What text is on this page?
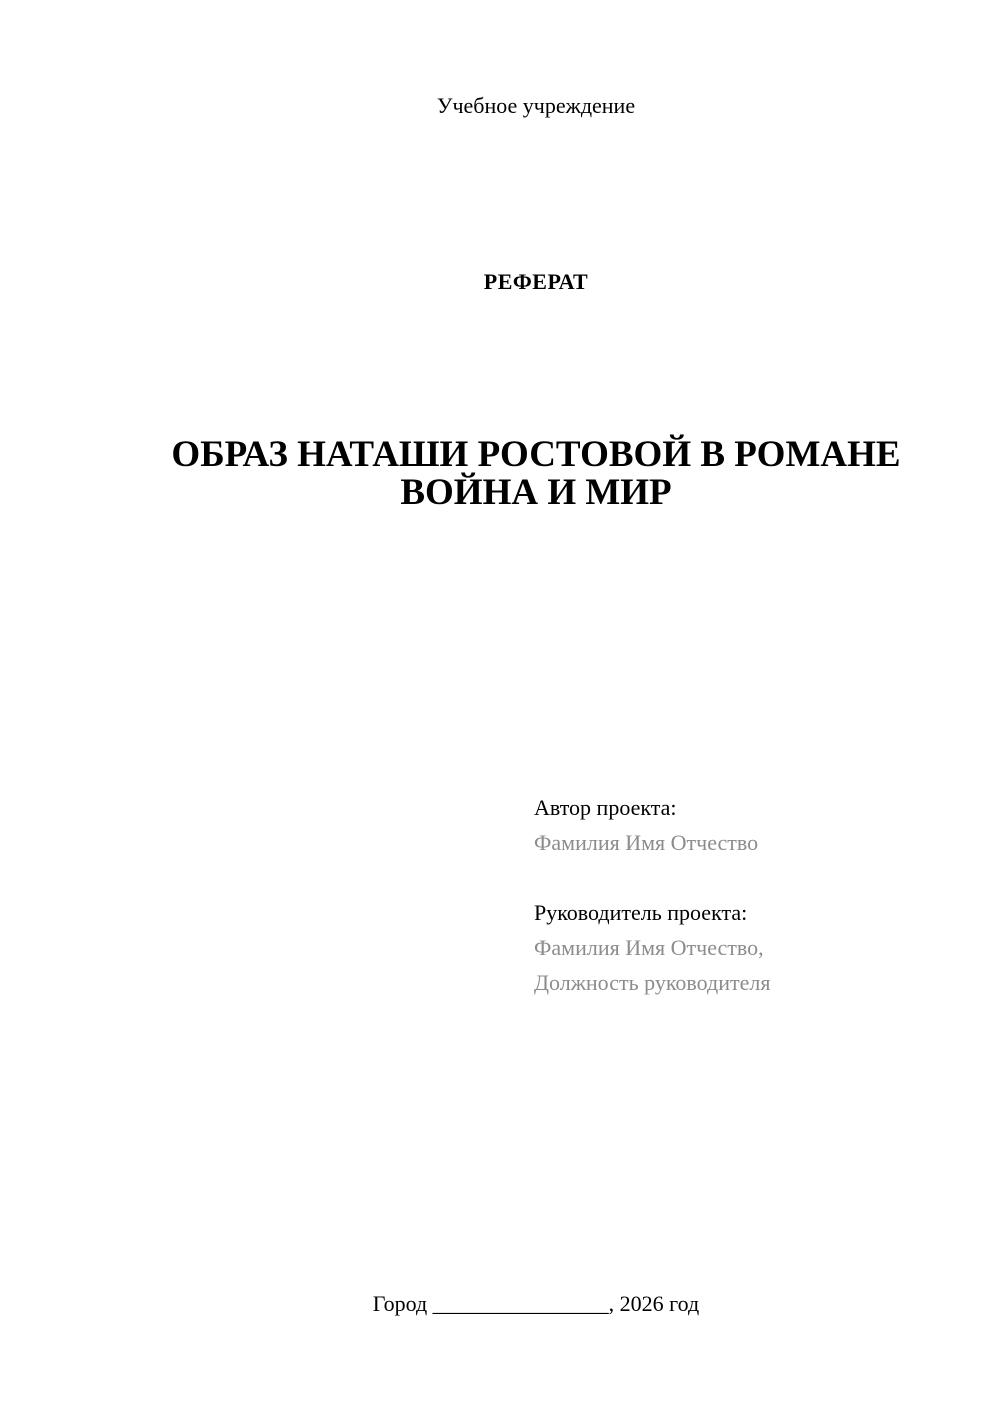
Учебное учреждение
РЕФЕРАТ
ОБРАЗ НАТАШИ РОСТОВОЙ В РОМАНЕ
ВОЙНА И МИР
Автор проекта:
Фамилия Имя Отчество
Руководитель проекта:
Фамилия Имя Отчество,
Должность руководителя
Город ________________, 2026 год
